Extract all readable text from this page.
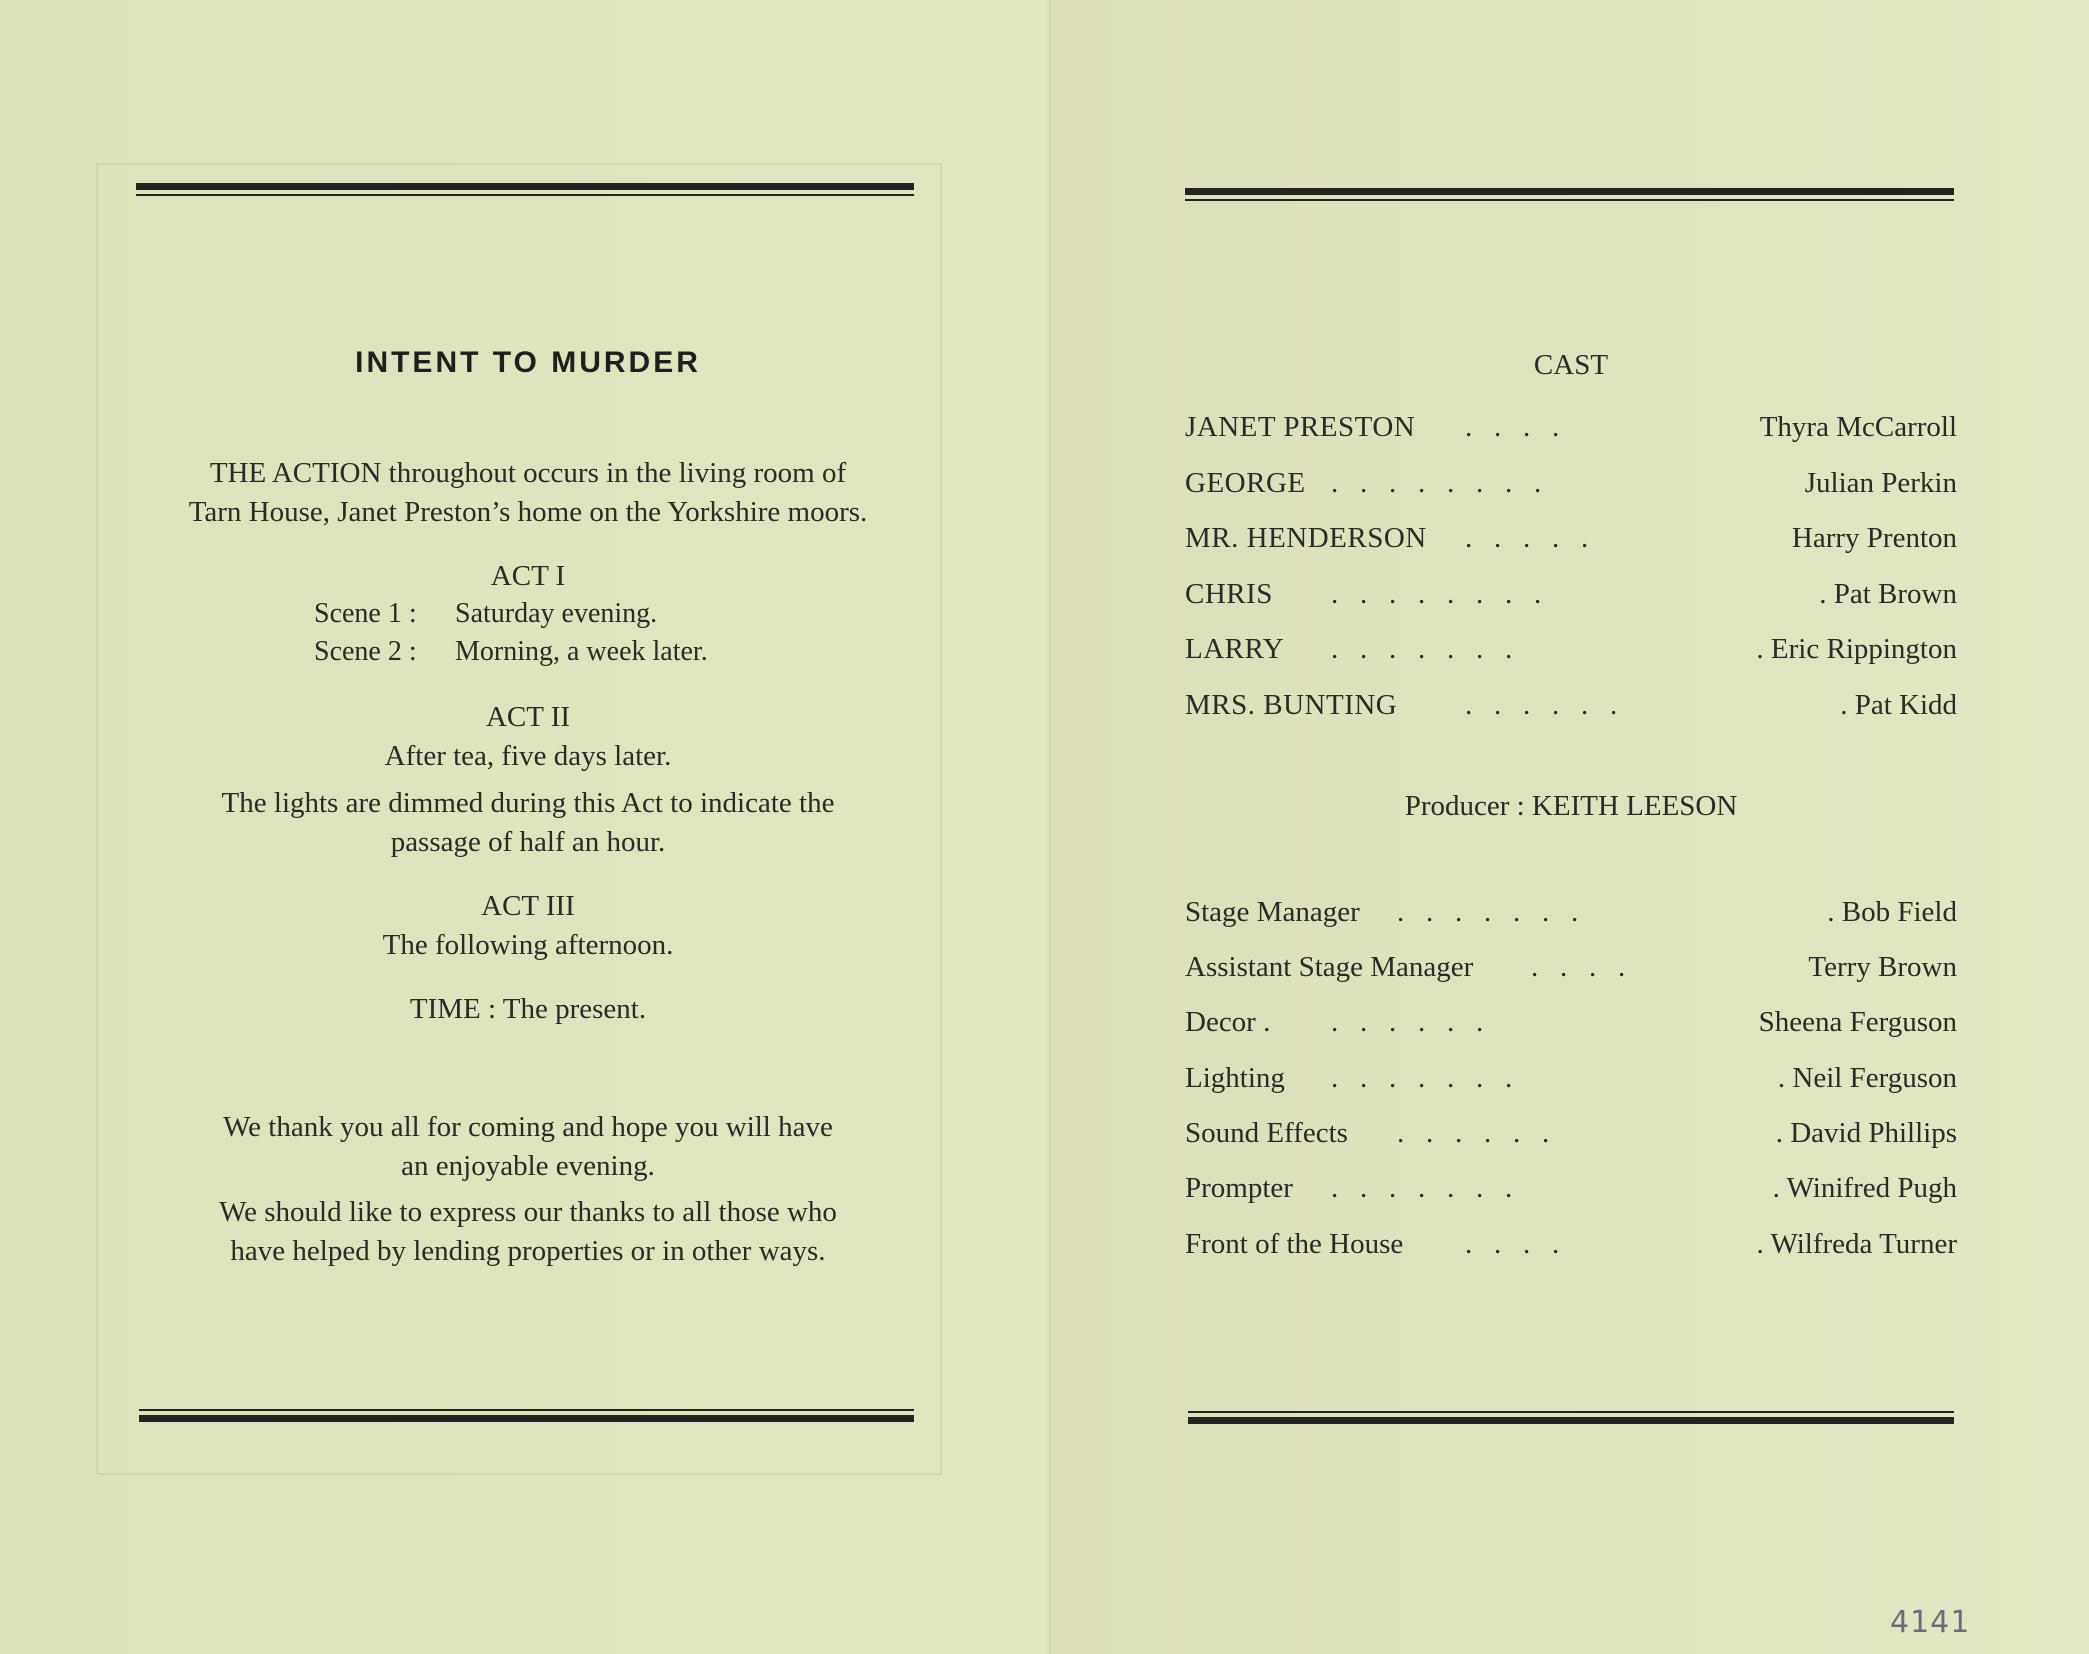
INTENT TO MURDER
THE ACTION throughout occurs in the living room of
Tarn House, Janet Preston’s home on the Yorkshire moors.
ACT I
Scene 1 : Saturday evening.
Scene 2 : Morning, a week later.
ACT II
After tea, five days later.
The lights are dimmed during this Act to indicate the
passage of half an hour.
ACT III
The following afternoon.
TIME : The present.
We thank you all for coming and hope you will have
an enjoyable evening.
We should like to express our thanks to all those who
have helped by lending properties or in other ways.
CAST
JANET PRESTON .   .   .   .	Thyra McCarroll
GEORGE .   .   .   .   .   .   .   .	Julian Perkin
MR. HENDERSON .   .   .   .   .	Harry Prenton
CHRIS .   .   .   .   .   .   .   .	. Pat Brown
LARRY .   .   .   .   .   .   .	. Eric Rippington
MRS. BUNTING .   .   .   .   .   .	. Pat Kidd
Producer : KEITH LEESON
Stage Manager .   .   .   .   .   .   .	. Bob Field
Assistant Stage Manager .   .   .   .	Terry Brown
Decor . .   .   .   .   .   .	Sheena Ferguson
Lighting .   .   .   .   .   .   .	. Neil Ferguson
Sound Effects .   .   .   .   .   .	. David Phillips
Prompter .   .   .   .   .   .   .	. Winifred Pugh
Front of the House .   .   .   .	. Wilfreda Turner
4141
